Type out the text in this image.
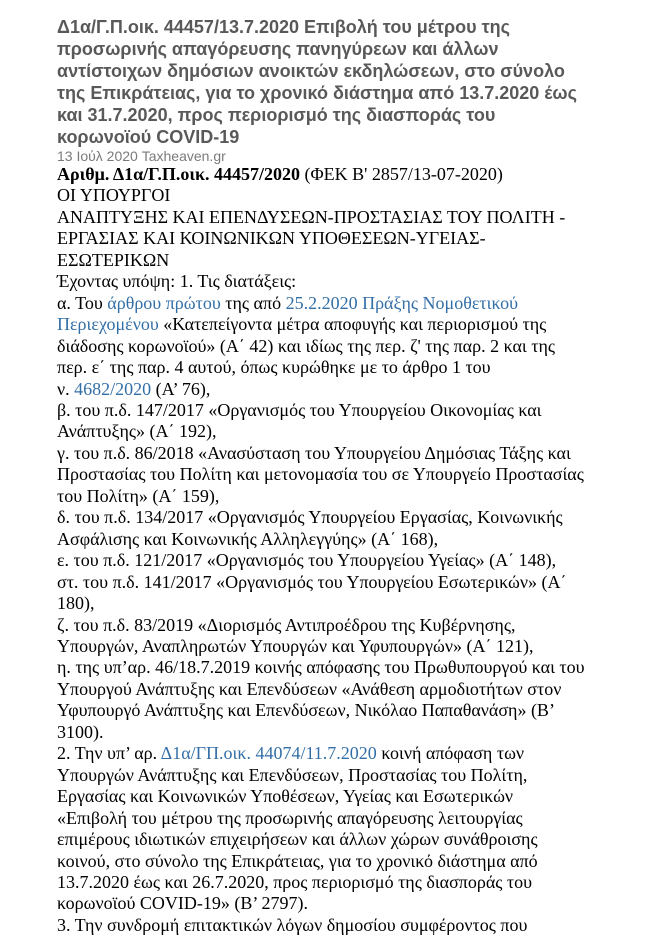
Δ1α/Γ.Π.οικ. 44457/13.7.2020 Επιβολή του μέτρου της
προσωρινής απαγόρευσης πανηγύρεων και άλλων
αντίστοιχων δημόσιων ανοικτών εκδηλώσεων, στο σύνολο
της Επικράτειας, για το χρονικό διάστημα από 13.7.2020 έως
και 31.7.2020, προς περιορισμό της διασποράς του
κορωνοϊού COVID-19
13 Ιούλ 2020 Taxheaven.gr
Αριθμ. Δ1α/Γ.Π.οικ. 44457/2020 (ΦΕΚ Β' 2857/13-07-2020)
ΟΙ ΥΠΟΥΡΓΟΙ
ΑΝΑΠΤΥΞΗΣ ΚΑΙ ΕΠΕΝΔΥΣΕΩΝ-ΠΡΟΣΤΑΣΙΑΣ ΤΟΥ ΠΟΛΙΤΗ -
ΕΡΓΑΣΙΑΣ ΚΑΙ ΚΟΙΝΩΝΙΚΩΝ ΥΠΟΘΕΣΕΩΝ-ΥΓΕΙΑΣ-
ΕΣΩΤΕΡΙΚΩΝ
Έχοντας υπόψη: 1. Τις διατάξεις:
α. Του άρθρου πρώτου της από 25.2.2020 Πράξης Νομοθετικού
Περιεχομένου «Κατεπείγοντα μέτρα αποφυγής και περιορισμού της
διάδοσης κορωνοϊού» (Α΄ 42) και ιδίως της περ. ζ' της παρ. 2 και της
περ. ε΄ της παρ. 4 αυτού, όπως κυρώθηκε με το άρθρο 1 του
ν. 4682/2020 (Α’ 76),
β. του π.δ. 147/2017 «Οργανισμός του Υπουργείου Οικονομίας και
Ανάπτυξης» (Α΄ 192),
γ. του π.δ. 86/2018 «Ανασύσταση του Υπουργείου Δημόσιας Τάξης και
Προστασίας του Πολίτη και μετονομασία του σε Υπουργείο Προστασίας
του Πολίτη» (Α΄ 159),
δ. του π.δ. 134/2017 «Οργανισμός Υπουργείου Εργασίας, Κοινωνικής
Ασφάλισης και Κοινωνικής Αλληλεγγύης» (Α΄ 168),
ε. του π.δ. 121/2017 «Οργανισμός του Υπουργείου Υγείας» (Α΄ 148),
στ. του π.δ. 141/2017 «Οργανισμός του Υπουργείου Εσωτερικών» (Α΄
180),
ζ. του π.δ. 83/2019 «Διορισμός Αντιπροέδρου της Κυβέρνησης,
Υπουργών, Αναπληρωτών Υπουργών και Υφυπουργών» (Α΄ 121),
η. της υπ’αρ. 46/18.7.2019 κοινής απόφασης του Πρωθυπουργού και του
Υπουργού Ανάπτυξης και Επενδύσεων «Ανάθεση αρμοδιοτήτων στον
Υφυπουργό Ανάπτυξης και Επενδύσεων, Νικόλαο Παπαθανάση» (Β’
3100).
2. Την υπ’ αρ. Δ1α/ΓΠ.οικ. 44074/11.7.2020 κοινή απόφαση των
Υπουργών Ανάπτυξης και Επενδύσεων, Προστασίας του Πολίτη,
Εργασίας και Κοινωνικών Υποθέσεων, Υγείας και Εσωτερικών
«Επιβολή του μέτρου της προσωρινής απαγόρευσης λειτουργίας
επιμέρους ιδιωτικών επιχειρήσεων και άλλων χώρων συνάθροισης
κοινού, στο σύνολο της Επικράτειας, για το χρονικό διάστημα από
13.7.2020 έως και 26.7.2020, προς περιορισμό της διασποράς του
κορωνοϊού COVID-19» (Β’ 2797).
3. Την συνδρομή επιτακτικών λόγων δημοσίου συμφέροντος που
